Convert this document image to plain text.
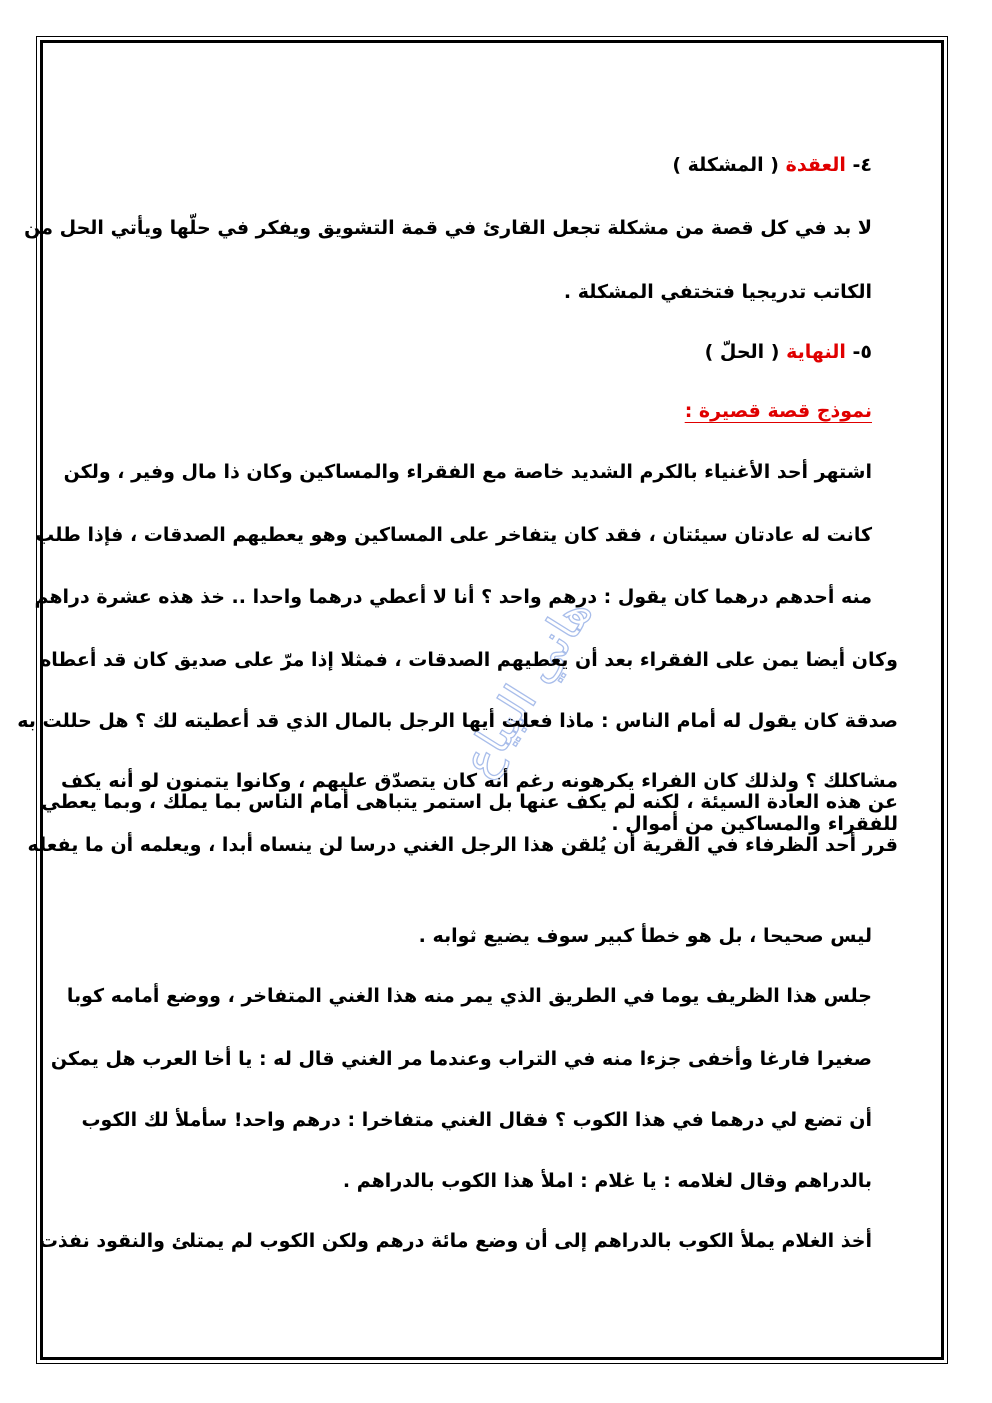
هاني البياع
٤- العقدة ( المشكلة )
لا بد في كل قصة من مشكلة تجعل القارئ في قمة التشويق ويفكر في حلّها ويأتي الحل من
الكاتب تدريجيا فتختفي المشكلة .
٥- النهاية ( الحلّ )
نموذج قصة قصيرة :
اشتهر أحد الأغنياء بالكرم الشديد خاصة مع الفقراء والمساكين وكان ذا مال وفير ، ولكن
كانت له عادتان سيئتان ، فقد كان يتفاخر على المساكين وهو يعطيهم الصدقات ، فإذا طلب
منه أحدهم درهما كان يقول : درهم واحد ؟ أنا لا أعطي درهما واحدا .. خذ هذه عشرة دراهم
وكان أيضا يمن على الفقراء بعد أن يعطيهم الصدقات ، فمثلا إذا مرّ على صديق كان قد أعطاه
صدقة كان يقول له أمام الناس : ماذا فعلت أيها الرجل بالمال الذي قد أعطيته لك ؟ هل حللت به
مشاكلك ؟ ولذلك كان الفراء يكرهونه رغم أنه كان يتصدّق عليهم ، وكانوا يتمنون لو أنه يكف
عن هذه العادة السيئة ، لكنه لم يكف عنها بل استمر يتباهى أمام الناس بما يملك ، وبما يعطي
للفقراء والمساكين من أموال .
قرر أحد الظرفاء في القرية أن يُلقن هذا الرجل الغني درسا لن ينساه أبدا ، ويعلمه أن ما يفعله
ليس صحيحا ، بل هو خطأ كبير سوف يضيع ثوابه .
جلس هذا الظريف يوما في الطريق الذي يمر منه هذا الغني المتفاخر ، ووضع أمامه كوبا
صغيرا فارغا وأخفى جزءا منه في التراب وعندما مر الغني قال له : يا أخا العرب هل يمكن
أن تضع لي درهما في هذا الكوب ؟ فقال الغني متفاخرا : درهم واحد! سأملأ لك الكوب
بالدراهم وقال لغلامه : يا غلام : املأ هذا الكوب بالدراهم .
أخذ الغلام يملأ الكوب بالدراهم إلى أن وضع مائة درهم ولكن الكوب لم يمتلئ والنقود نفذت
